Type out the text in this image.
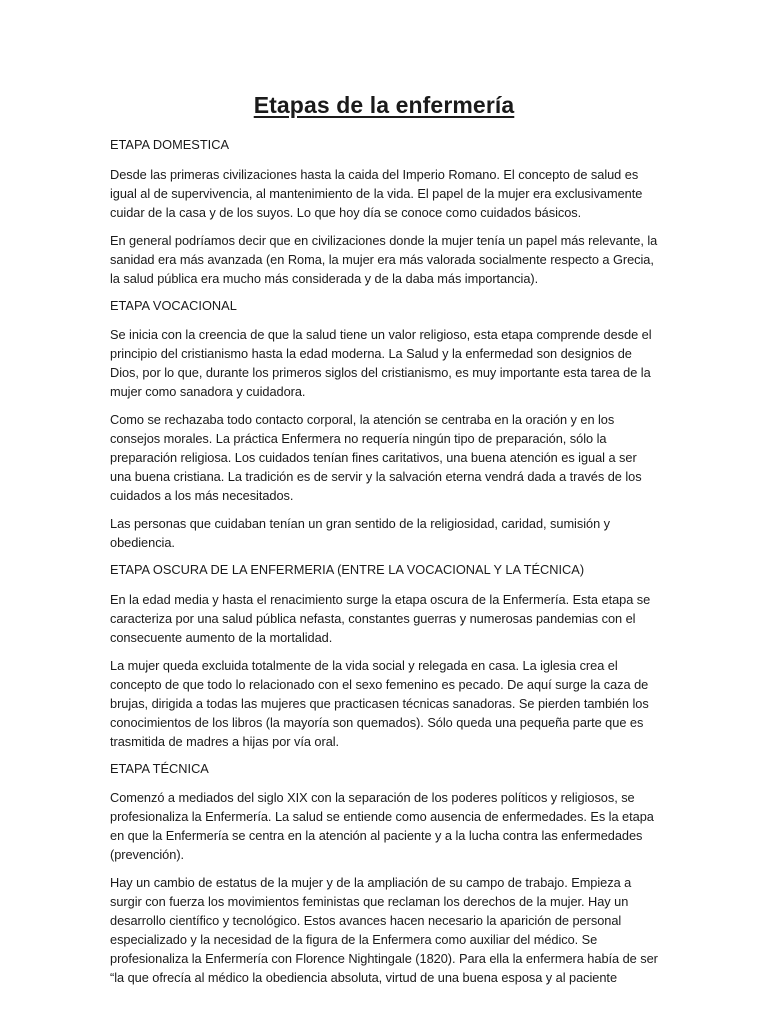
Etapas de la enfermería

ETAPA DOMESTICA

Desde las primeras civilizaciones hasta la caida del Imperio Romano. El concepto de salud es igual al de supervivencia, al mantenimiento de la vida. El papel de la mujer era exclusivamente cuidar de la casa y de los suyos. Lo que hoy día se conoce como cuidados básicos.

En general podríamos decir que en civilizaciones donde la mujer tenía un papel más relevante, la sanidad era más avanzada (en Roma, la mujer era más valorada socialmente respecto a Grecia, la salud pública era mucho más considerada y de la daba más importancia).

ETAPA VOCACIONAL

Se inicia con la creencia de que la salud tiene un valor religioso, esta etapa comprende desde el principio del cristianismo hasta la edad moderna. La Salud y la enfermedad son designios de Dios, por lo que, durante los primeros siglos del cristianismo, es muy importante esta tarea de la mujer como sanadora y cuidadora.

Como se rechazaba todo contacto corporal, la atención se centraba en la oración y en los consejos morales. La práctica Enfermera no requería ningún tipo de preparación, sólo la preparación religiosa. Los cuidados tenían fines caritativos, una buena atención es igual a ser una buena cristiana. La tradición es de servir y la salvación eterna vendrá dada a través de los cuidados a los más necesitados.

Las personas que cuidaban tenían un gran sentido de la religiosidad, caridad, sumisión y obediencia.

ETAPA OSCURA DE LA ENFERMERIA (ENTRE LA VOCACIONAL Y LA TÉCNICA)

En la edad media y hasta el renacimiento surge la etapa oscura de la Enfermería. Esta etapa se caracteriza por una salud pública nefasta, constantes guerras y numerosas pandemias con el consecuente aumento de la mortalidad.

La mujer queda excluida totalmente de la vida social y relegada en casa. La iglesia crea el concepto de que todo lo relacionado con el sexo femenino es pecado. De aquí surge la caza de brujas, dirigida a todas las mujeres que practicasen técnicas sanadoras. Se pierden también los conocimientos de los libros (la mayoría son quemados). Sólo queda una pequeña parte que es trasmitida de madres a hijas por vía oral.

ETAPA TÉCNICA

Comenzó a mediados del siglo XIX con la separación de los poderes políticos y religiosos, se profesionaliza la Enfermería. La salud se entiende como ausencia de enfermedades. Es la etapa en que la Enfermería se centra en la atención al paciente y a la lucha contra las enfermedades (prevención).

Hay un cambio de estatus de la mujer y de la ampliación de su campo de trabajo. Empieza a surgir con fuerza los movimientos feministas que reclaman los derechos de la mujer. Hay un desarrollo científico y tecnológico. Estos avances hacen necesario la aparición de personal especializado y la necesidad de la figura de la Enfermera como auxiliar del médico. Se profesionaliza la Enfermería con Florence Nightingale (1820). Para ella la enfermera había de ser “la que ofrecía al médico la obediencia absoluta, virtud de una buena esposa y al paciente
